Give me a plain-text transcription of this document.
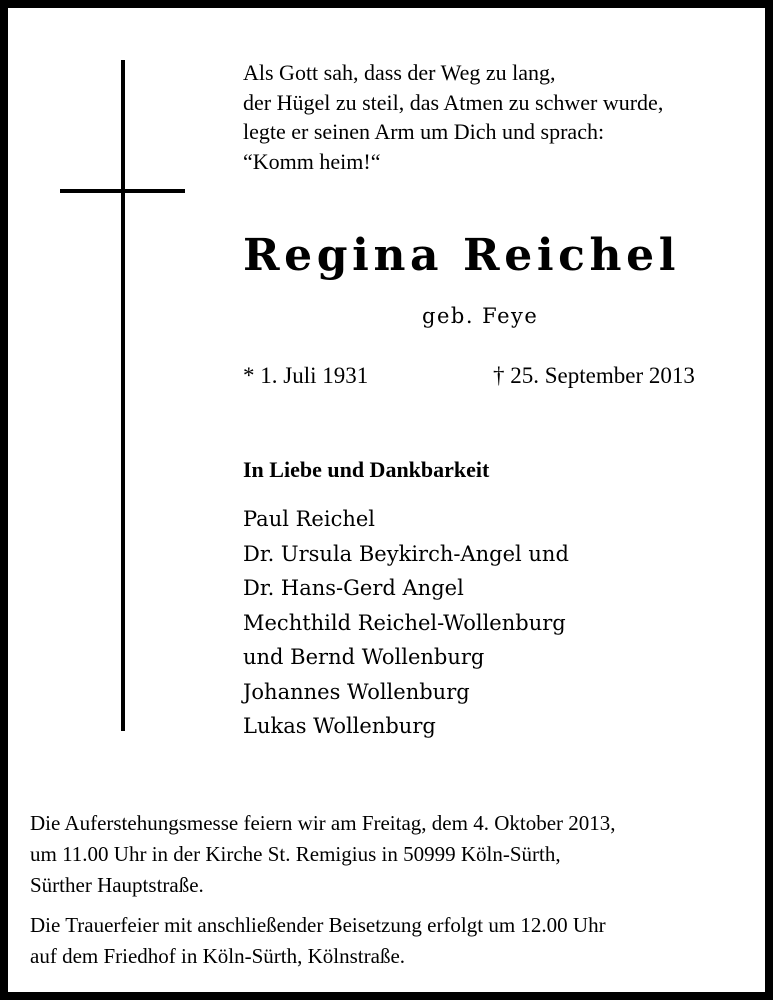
Als Gott sah, dass der Weg zu lang,
der Hügel zu steil, das Atmen zu schwer wurde,
legte er seinen Arm um Dich und sprach:
“Komm heim!“
Regina Reichel
geb. Feye
* 1. Juli 1931	† 25. September 2013
In Liebe und Dankbarkeit
Paul Reichel
Dr. Ursula Beykirch-Angel und
Dr. Hans-Gerd Angel
Mechthild Reichel-Wollenburg
und Bernd Wollenburg
Johannes Wollenburg
Lukas Wollenburg
Die Auferstehungsmesse feiern wir am Freitag, dem 4. Oktober 2013,
um 11.00 Uhr in der Kirche St. Remigius in 50999 Köln-Sürth,
Sürther Hauptstraße.
Die Trauerfeier mit anschließender Beisetzung erfolgt um 12.00 Uhr
auf dem Friedhof in Köln-Sürth, Kölnstraße.
